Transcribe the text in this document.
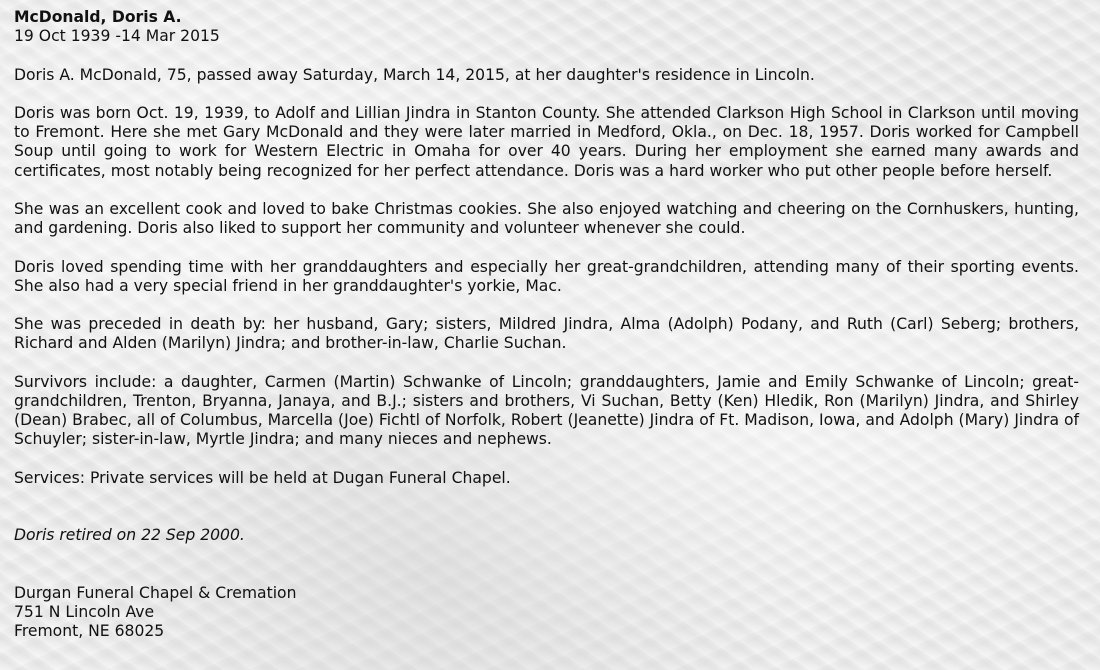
McDonald, Doris A.
19 Oct 1939 -14 Mar 2015

Doris A. McDonald, 75, passed away Saturday, March 14, 2015, at her daughter's residence in Lincoln.

Doris was born Oct. 19, 1939, to Adolf and Lillian Jindra in Stanton County. She attended Clarkson High School in Clarkson until moving to Fremont. Here she met Gary McDonald and they were later married in Medford, Okla., on Dec. 18, 1957. Doris worked for Campbell Soup until going to work for Western Electric in Omaha for over 40 years. During her employment she earned many awards and certificates, most notably being recognized for her perfect attendance. Doris was a hard worker who put other people before herself.

She was an excellent cook and loved to bake Christmas cookies. She also enjoyed watching and cheering on the Cornhuskers, hunting, and gardening. Doris also liked to support her community and volunteer whenever she could.

Doris loved spending time with her granddaughters and especially her great-grandchildren, attending many of their sporting events. She also had a very special friend in her granddaughter's yorkie, Mac.

She was preceded in death by: her husband, Gary; sisters, Mildred Jindra, Alma (Adolph) Podany, and Ruth (Carl) Seberg; brothers, Richard and Alden (Marilyn) Jindra; and brother-in-law, Charlie Suchan.

Survivors include: a daughter, Carmen (Martin) Schwanke of Lincoln; granddaughters, Jamie and Emily Schwanke of Lincoln; great-grandchildren, Trenton, Bryanna, Janaya, and B.J.; sisters and brothers, Vi Suchan, Betty (Ken) Hledik, Ron (Marilyn) Jindra, and Shirley (Dean) Brabec, all of Columbus, Marcella (Joe) Fichtl of Norfolk, Robert (Jeanette) Jindra of Ft. Madison, Iowa, and Adolph (Mary) Jindra of Schuyler; sister-in-law, Myrtle Jindra; and many nieces and nephews.

Services: Private services will be held at Dugan Funeral Chapel.

Doris retired on 22 Sep 2000.

Durgan Funeral Chapel & Cremation
751 N Lincoln Ave
Fremont, NE 68025
